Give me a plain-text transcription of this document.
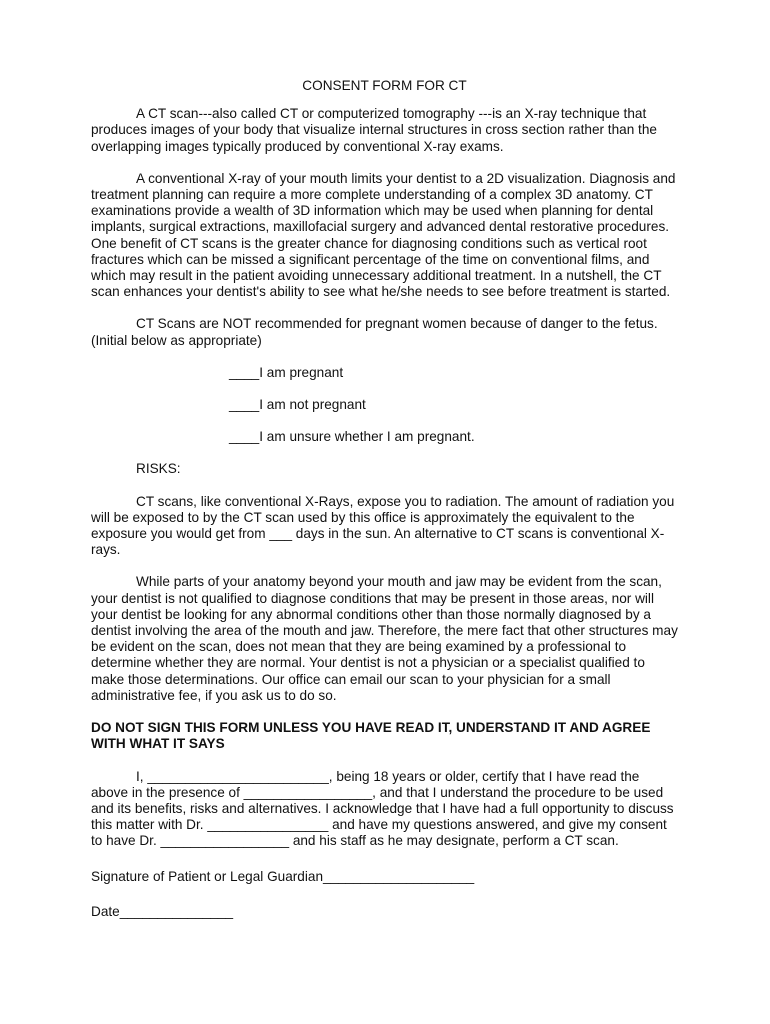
CONSENT FORM FOR CT

A CT scan---also called CT or computerized tomography ---is an X-ray technique that produces images of your body that visualize internal structures in cross section rather than the overlapping images typically produced by conventional X-ray exams.

A conventional X-ray of your mouth limits your dentist to a 2D visualization. Diagnosis and treatment planning can require a more complete understanding of a complex 3D anatomy. CT examinations provide a wealth of 3D information which may be used when planning for dental implants, surgical extractions, maxillofacial surgery and advanced dental restorative procedures. One benefit of CT scans is the greater chance for diagnosing conditions such as vertical root fractures which can be missed a significant percentage of the time on conventional films, and which may result in the patient avoiding unnecessary additional treatment. In a nutshell, the CT scan enhances your dentist's ability to see what he/she needs to see before treatment is started.

CT Scans are NOT recommended for pregnant women because of danger to the fetus. (Initial below as appropriate)

____I am pregnant
____I am not pregnant
____I am unsure whether I am pregnant.

RISKS:

CT scans, like conventional X-Rays, expose you to radiation. The amount of radiation you will be exposed to by the CT scan used by this office is approximately the equivalent to the exposure you would get from ___ days in the sun. An alternative to CT scans is conventional X-rays.

While parts of your anatomy beyond your mouth and jaw may be evident from the scan, your dentist is not qualified to diagnose conditions that may be present in those areas, nor will your dentist be looking for any abnormal conditions other than those normally diagnosed by a dentist involving the area of the mouth and jaw. Therefore, the mere fact that other structures may be evident on the scan, does not mean that they are being examined by a professional to determine whether they are normal. Your dentist is not a physician or a specialist qualified to make those determinations. Our office can email our scan to your physician for a small administrative fee, if you ask us to do so.

DO NOT SIGN THIS FORM UNLESS YOU HAVE READ IT, UNDERSTAND IT AND AGREE WITH WHAT IT SAYS

I, ________________________, being 18 years or older, certify that I have read the above in the presence of _________________, and that I understand the procedure to be used and its benefits, risks and alternatives. I acknowledge that I have had a full opportunity to discuss this matter with Dr. ________________ and have my questions answered, and give my consent to have Dr. _________________ and his staff as he may designate, perform a CT scan.

Signature of Patient or Legal Guardian____________________

Date_______________
